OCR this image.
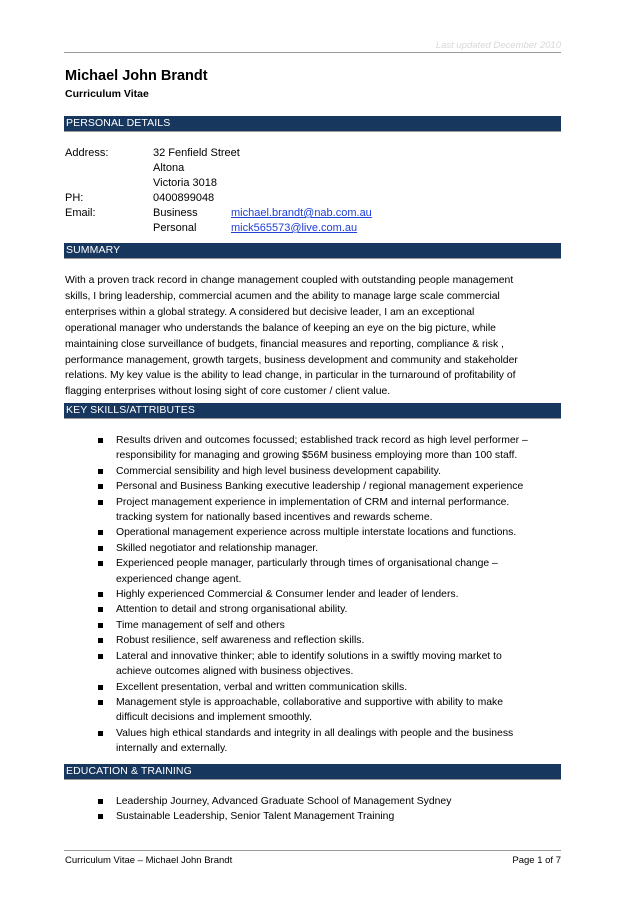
Last updated December 2010
Michael John Brandt
Curriculum Vitae
PERSONAL DETAILS
Address:	32 Fenfield Street
Altona
Victoria 3018
PH:	0400899048
Email:	Business	michael.brandt@nab.com.au
Personal	mick565573@live.com.au
SUMMARY
With a proven track record in change management coupled with outstanding people management
skills, I bring leadership, commercial acumen and the ability to manage large scale commercial
enterprises within a global strategy. A considered but decisive leader, I am an exceptional
operational manager who understands the balance of keeping an eye on the big picture, while
maintaining close surveillance of budgets, financial measures and reporting, compliance & risk ,
performance management, growth targets, business development and community and stakeholder
relations. My key value is the ability to lead change, in particular in the turnaround of profitability of
flagging enterprises without losing sight of core customer / client value.
KEY SKILLS/ATTRIBUTES
Results driven and outcomes focussed; established track record as high level performer –
responsibility for managing and growing $56M business employing more than 100 staff.
Commercial sensibility and high level business development capability.
Personal and Business Banking executive leadership / regional management experience
Project management experience in implementation of CRM and internal performance.
tracking system for nationally based incentives and rewards scheme.
Operational management experience across multiple interstate locations and functions.
Skilled negotiator and relationship manager.
Experienced people manager, particularly through times of organisational change –
experienced change agent.
Highly experienced Commercial & Consumer lender and leader of lenders.
Attention to detail and strong organisational ability.
Time management of self and others
Robust resilience, self awareness and reflection skills.
Lateral and innovative thinker; able to identify solutions in a swiftly moving market to
achieve outcomes aligned with business objectives.
Excellent presentation, verbal and written communication skills.
Management style is approachable, collaborative and supportive with ability to make
difficult decisions and implement smoothly.
Values high ethical standards and integrity in all dealings with people and the business
internally and externally.
EDUCATION & TRAINING
Leadership Journey, Advanced Graduate School of Management Sydney
Sustainable Leadership, Senior Talent Management Training
Curriculum Vitae – Michael John Brandt	Page 1 of 7
